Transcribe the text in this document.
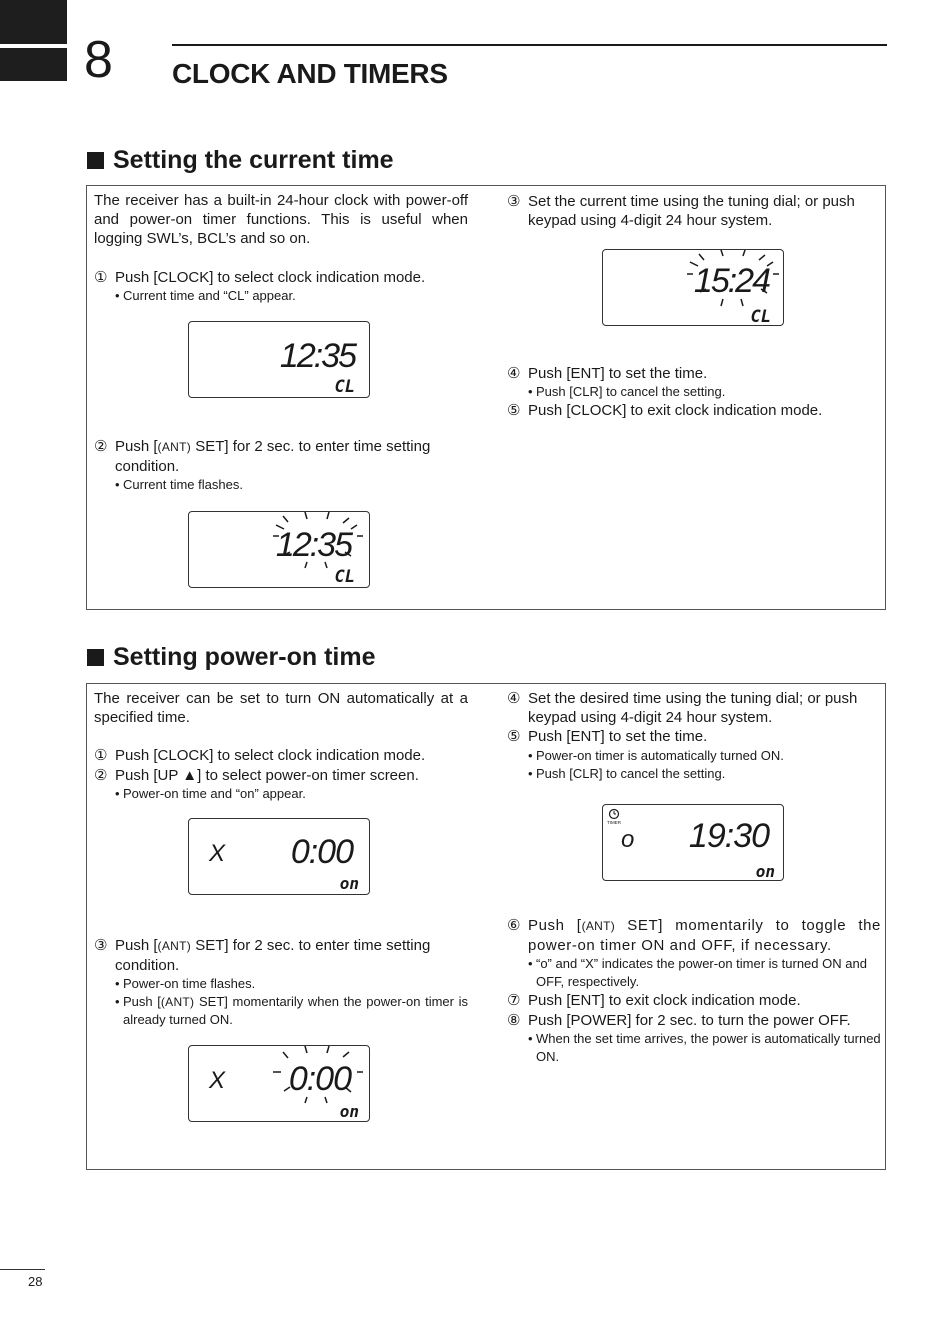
8 CLOCK AND TIMERS
Setting the current time

The receiver has a built-in 24-hour clock with power-off and power-on timer functions. This is useful when logging SWL’s, BCL’s and so on.

① Push [CLOCK] to select clock indication mode.
• Current time and “CL” appear.
② Push [(ANT) SET] for 2 sec. to enter time setting condition.
• Current time flashes.
③ Set the current time using the tuning dial; or push keypad using 4-digit 24 hour system.
④ Push [ENT] to set the time.
• Push [CLR] to cancel the setting.
⑤ Push [CLOCK] to exit clock indication mode.
12:35
CL
12:35
CL
15:24
CL
Setting power-on time

The receiver can be set to turn ON automatically at a specified time.

① Push [CLOCK] to select clock indication mode.
② Push [UP ▲] to select power-on timer screen.
• Power-on time and “on” appear.
③ Push [(ANT) SET] for 2 sec. to enter time setting condition.
• Power-on time flashes.
• Push [(ANT) SET] momentarily when the power-on timer is already turned ON.
④ Set the desired time using the tuning dial; or push keypad using 4-digit 24 hour system.
⑤ Push [ENT] to set the time.
• Power-on timer is automatically turned ON.
• Push [CLR] to cancel the setting.
⑥ Push [(ANT) SET] momentarily to toggle the power-on timer ON and OFF, if necessary.
• “o” and “X” indicates the power-on timer is turned ON and OFF, respectively.
⑦ Push [ENT] to exit clock indication mode.
⑧ Push [POWER] for 2 sec. to turn the power OFF.
• When the set time arrives, the power is automatically turned ON.
X 0:00
on
X 0:00
on
TIMER
o 19:30
on
28
